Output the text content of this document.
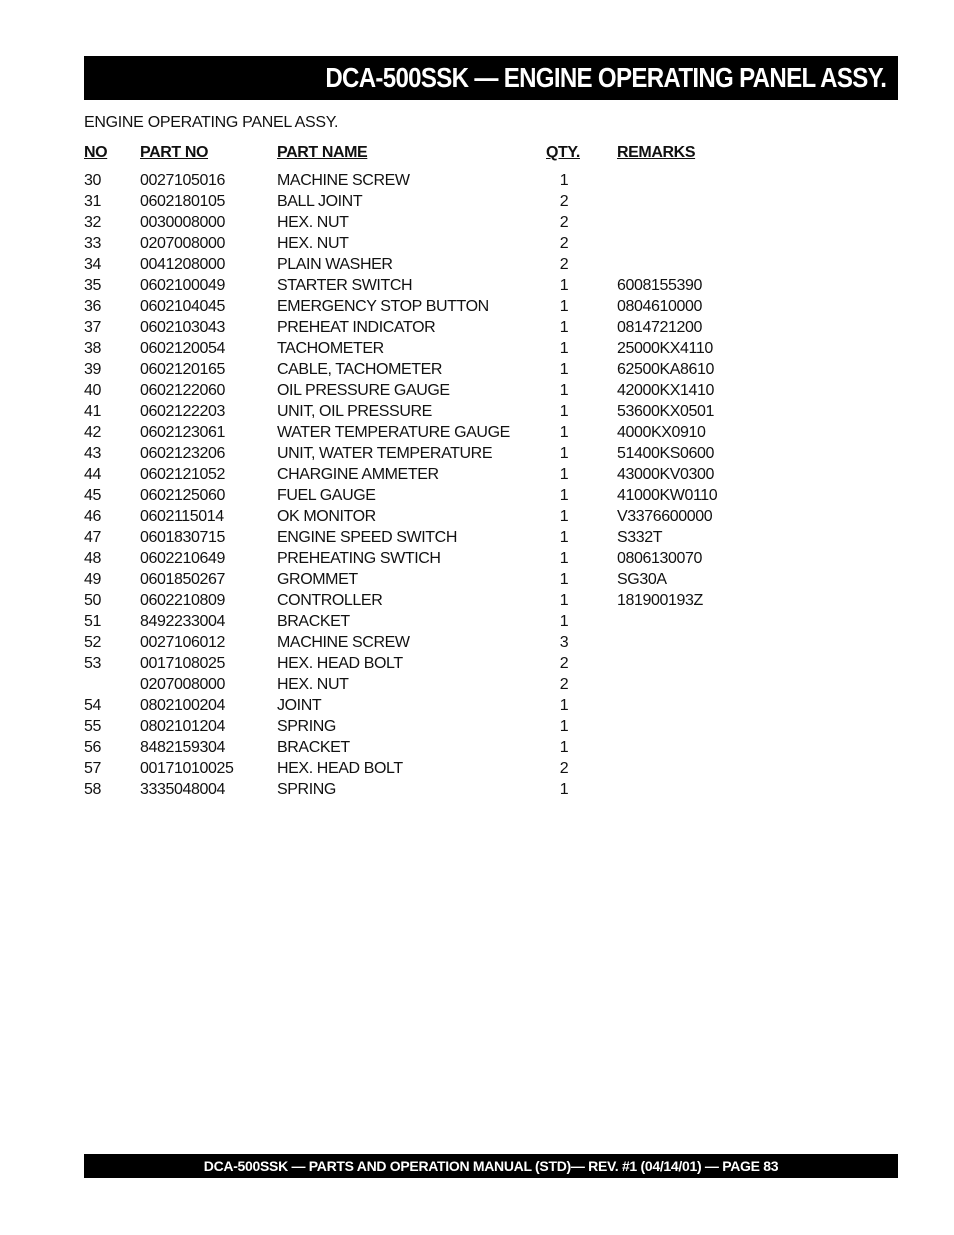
DCA-500SSK — ENGINE OPERATING PANEL ASSY.
ENGINE OPERATING PANEL ASSY.
NO PART NO	PART NAME	QTY. REMARKS
30 0027105016	MACHINE SCREW	1
31 0602180105	BALL JOINT	2
32 0030008000	HEX. NUT	2
33 0207008000	HEX. NUT	2
34 0041208000	PLAIN WASHER	2
35 0602100049	STARTER SWITCH	1	6008155390
36 0602104045	EMERGENCY STOP BUTTON	1	0804610000
37 0602103043	PREHEAT INDICATOR	1	0814721200
38 0602120054	TACHOMETER	1	25000KX4110
39 0602120165	CABLE, TACHOMETER	1	62500KA8610
40 0602122060	OIL PRESSURE GAUGE	1	42000KX1410
41 0602122203	UNIT, OIL PRESSURE	1	53600KX0501
42 0602123061	WATER TEMPERATURE GAUGE	1	4000KX0910
43 0602123206	UNIT, WATER TEMPERATURE	1	51400KS0600
44 0602121052	CHARGINE AMMETER	1	43000KV0300
45 0602125060	FUEL GAUGE	1	41000KW0110
46 0602115014	OK MONITOR	1	V3376600000
47 0601830715	ENGINE SPEED SWITCH	1	S332T
48 0602210649	PREHEATING SWTICH	1	0806130070
49 0601850267	GROMMET	1	SG30A
50 0602210809	CONTROLLER	1	181900193Z
51 8492233004	BRACKET	1
52 0027106012	MACHINE SCREW	3
53 0017108025	HEX. HEAD BOLT	2
0207008000	HEX. NUT	2
54 0802100204	JOINT	1
55 0802101204	SPRING	1
56 8482159304	BRACKET	1
57 00171010025	HEX. HEAD BOLT	2
58 3335048004	SPRING	1
DCA-500SSK — PARTS AND OPERATION MANUAL (STD)— REV. #1 (04/14/01) — PAGE 83
